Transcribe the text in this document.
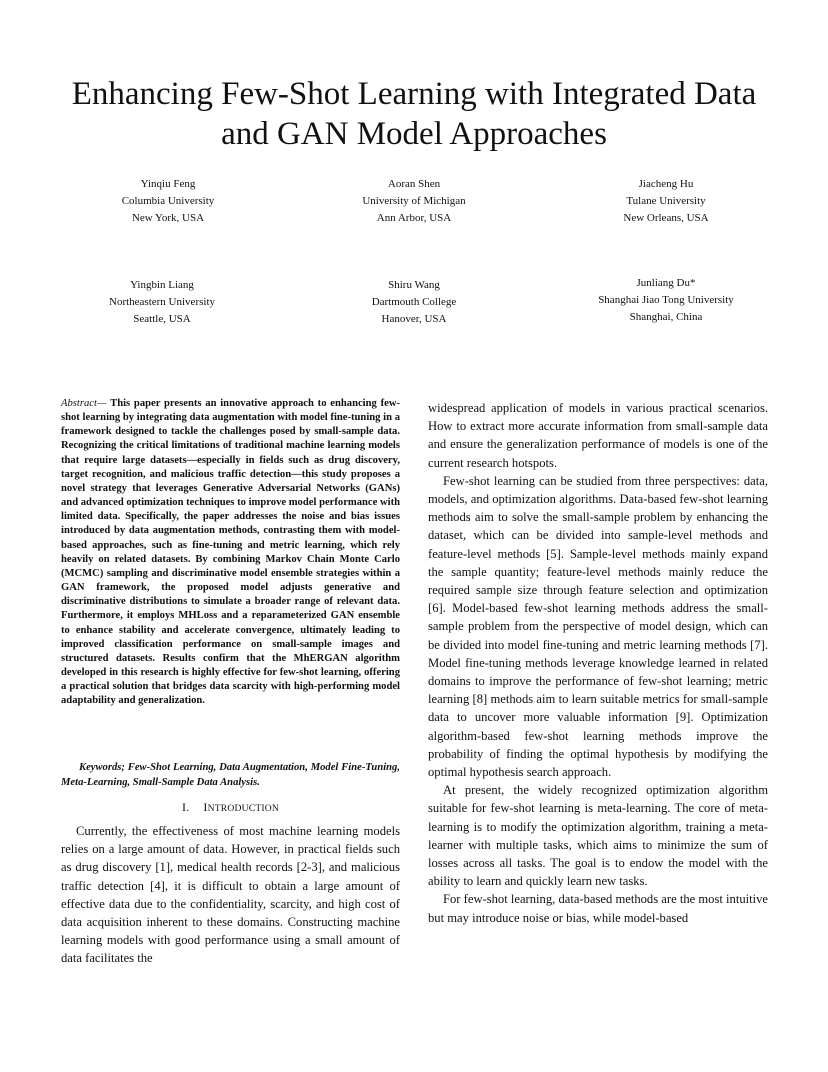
Enhancing Few-Shot Learning with Integrated Data
and GAN Model Approaches
Yinqiu Feng
Columbia University
New York, USA
Aoran Shen
University of Michigan
Ann Arbor, USA
Jiacheng Hu
Tulane University
New Orleans, USA
Yingbin Liang
Northeastern University
Seattle, USA
Shiru Wang
Dartmouth College
Hanover, USA
Junliang Du*
Shanghai Jiao Tong University
Shanghai, China
Abstract— This paper presents an innovative approach to enhancing few-shot learning by integrating data augmentation with model fine-tuning in a framework designed to tackle the challenges posed by small-sample data. Recognizing the critical limitations of traditional machine learning models that require large datasets—especially in fields such as drug discovery, target recognition, and malicious traffic detection—this study proposes a novel strategy that leverages Generative Adversarial Networks (GANs) and advanced optimization techniques to improve model performance with limited data. Specifically, the paper addresses the noise and bias issues introduced by data augmentation methods, contrasting them with model-based approaches, such as fine-tuning and metric learning, which rely heavily on related datasets. By combining Markov Chain Monte Carlo (MCMC) sampling and discriminative model ensemble strategies within a GAN framework, the proposed model adjusts generative and discriminative distributions to simulate a broader range of relevant data. Furthermore, it employs MHLoss and a reparameterized GAN ensemble to enhance stability and accelerate convergence, ultimately leading to improved classification performance on small-sample images and structured datasets. Results confirm that the MhERGAN algorithm developed in this research is highly effective for few-shot learning, offering a practical solution that bridges data scarcity with high-performing model adaptability and generalization.
Keywords; Few-Shot Learning, Data Augmentation, Model Fine-Tuning, Meta-Learning, Small-Sample Data Analysis.
I. INTRODUCTION

Currently, the effectiveness of most machine learning models relies on a large amount of data. However, in practical fields such as drug discovery [1], medical health records [2-3], and malicious traffic detection [4], it is difficult to obtain a large amount of effective data due to the confidentiality, scarcity, and high cost of data acquisition inherent to these domains. Constructing machine learning models with good performance using a small amount of data facilitates the

widespread application of models in various practical scenarios. How to extract more accurate information from small-sample data and ensure the generalization performance of models is one of the current research hotspots.

Few-shot learning can be studied from three perspectives: data, models, and optimization algorithms. Data-based few-shot learning methods aim to solve the small-sample problem by enhancing the dataset, which can be divided into sample-level methods and feature-level methods [5]. Sample-level methods mainly expand the sample quantity; feature-level methods mainly reduce the required sample size through feature selection and optimization [6]. Model-based few-shot learning methods address the small-sample problem from the perspective of model design, which can be divided into model fine-tuning and metric learning methods [7]. Model fine-tuning methods leverage knowledge learned in related domains to improve the performance of few-shot learning; metric learning [8] methods aim to learn suitable metrics for small-sample data to uncover more valuable information [9]. Optimization algorithm-based few-shot learning methods improve the probability of finding the optimal hypothesis by modifying the optimal hypothesis search approach.

At present, the widely recognized optimization algorithm suitable for few-shot learning is meta-learning. The core of meta-learning is to modify the optimization algorithm, training a meta-learner with multiple tasks, which aims to minimize the sum of losses across all tasks. The goal is to endow the model with the ability to learn and quickly learn new tasks.

For few-shot learning, data-based methods are the most intuitive but may introduce noise or bias, while model-based
